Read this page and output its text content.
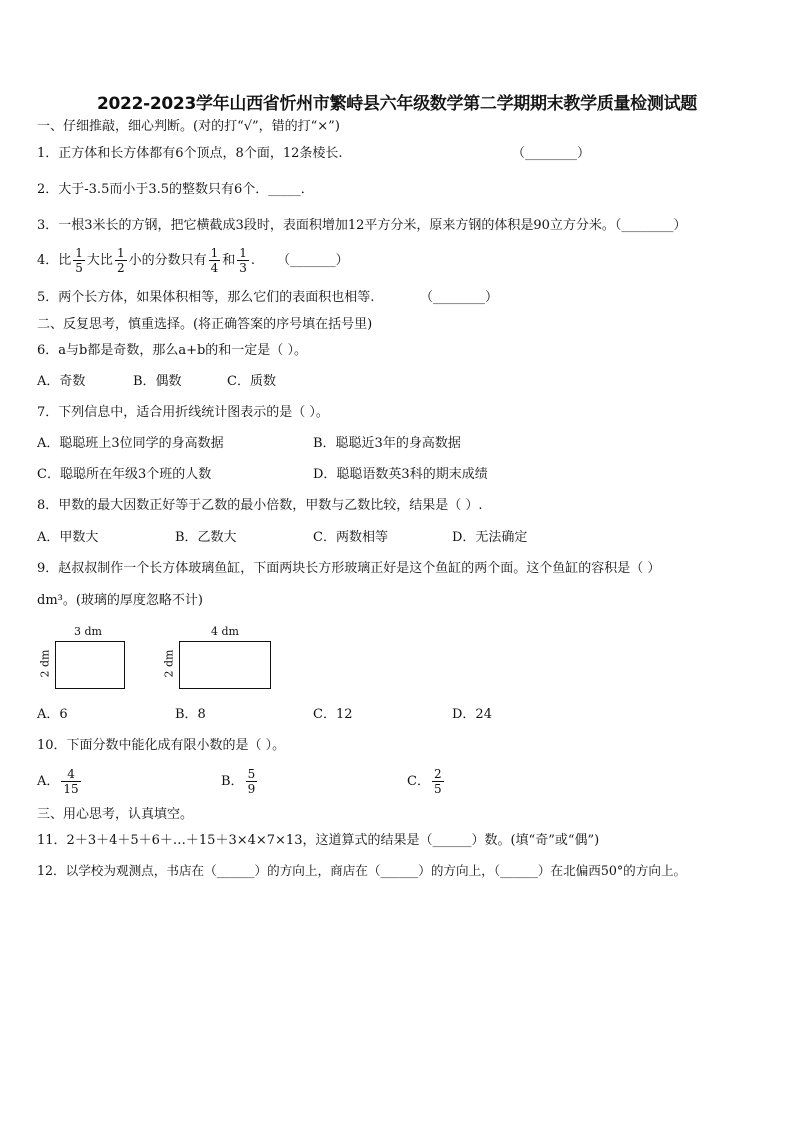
2022-2023学年山西省忻州市繁峙县六年级数学第二学期期末教学质量检测试题
一、仔细推敲，细心判断。(对的打“√”，错的打“×”)
1．正方体和长方体都有6个顶点，8个面，12条棱长.	（________）
2．大于-3.5而小于3.5的整数只有6个．_____．
3．一根3米长的方钢，把它横截成3段时，表面积增加12平方分米，原来方钢的体积是90立方分米。（________）
4．比 $\frac{1}{5}$ 大比 $\frac{1}{2}$ 小的分数只有 $\frac{1}{4}$ 和 $\frac{1}{3}$ . （_______）
5．两个长方体，如果体积相等，那么它们的表面积也相等.	（________）
二、反复思考，慎重选择。(将正确答案的序号填在括号里)
6．a与b都是奇数，那么a+b的和一定是（ ）。
A．奇数	B．偶数	C．质数
7．下列信息中，适合用折线统计图表示的是（ ）。
A．聪聪班上3位同学的身高数据	B．聪聪近3年的身高数据
C．聪聪所在年级3个班的人数	D．聪聪语数英3科的期末成绩
8．甲数的最大因数正好等于乙数的最小倍数，甲数与乙数比较，结果是（ ）.
A．甲数大	B．乙数大	C．两数相等	D．无法确定
9．赵叔叔制作一个长方体玻璃鱼缸，下面两块长方形玻璃正好是这个鱼缸的两个面。这个鱼缸的容积是（ ）
dm³。(玻璃的厚度忽略不计)
3 dm
2 dm
4 dm
2 dm
A．6	B．8	C．12	D．24
10．下面分数中能化成有限小数的是（ ）。
A． $\frac{4}{15}$	B． $\frac{5}{9}$	C． $\frac{2}{5}$
三、用心思考，认真填空。
11．2＋3＋4＋5＋6＋…＋15＋3×4×7×13，这道算式的结果是（______）数。(填“奇”或“偶”)
12．以学校为观测点，书店在（______）的方向上，商店在（______）的方向上，（______）在北偏西50°的方向上。
